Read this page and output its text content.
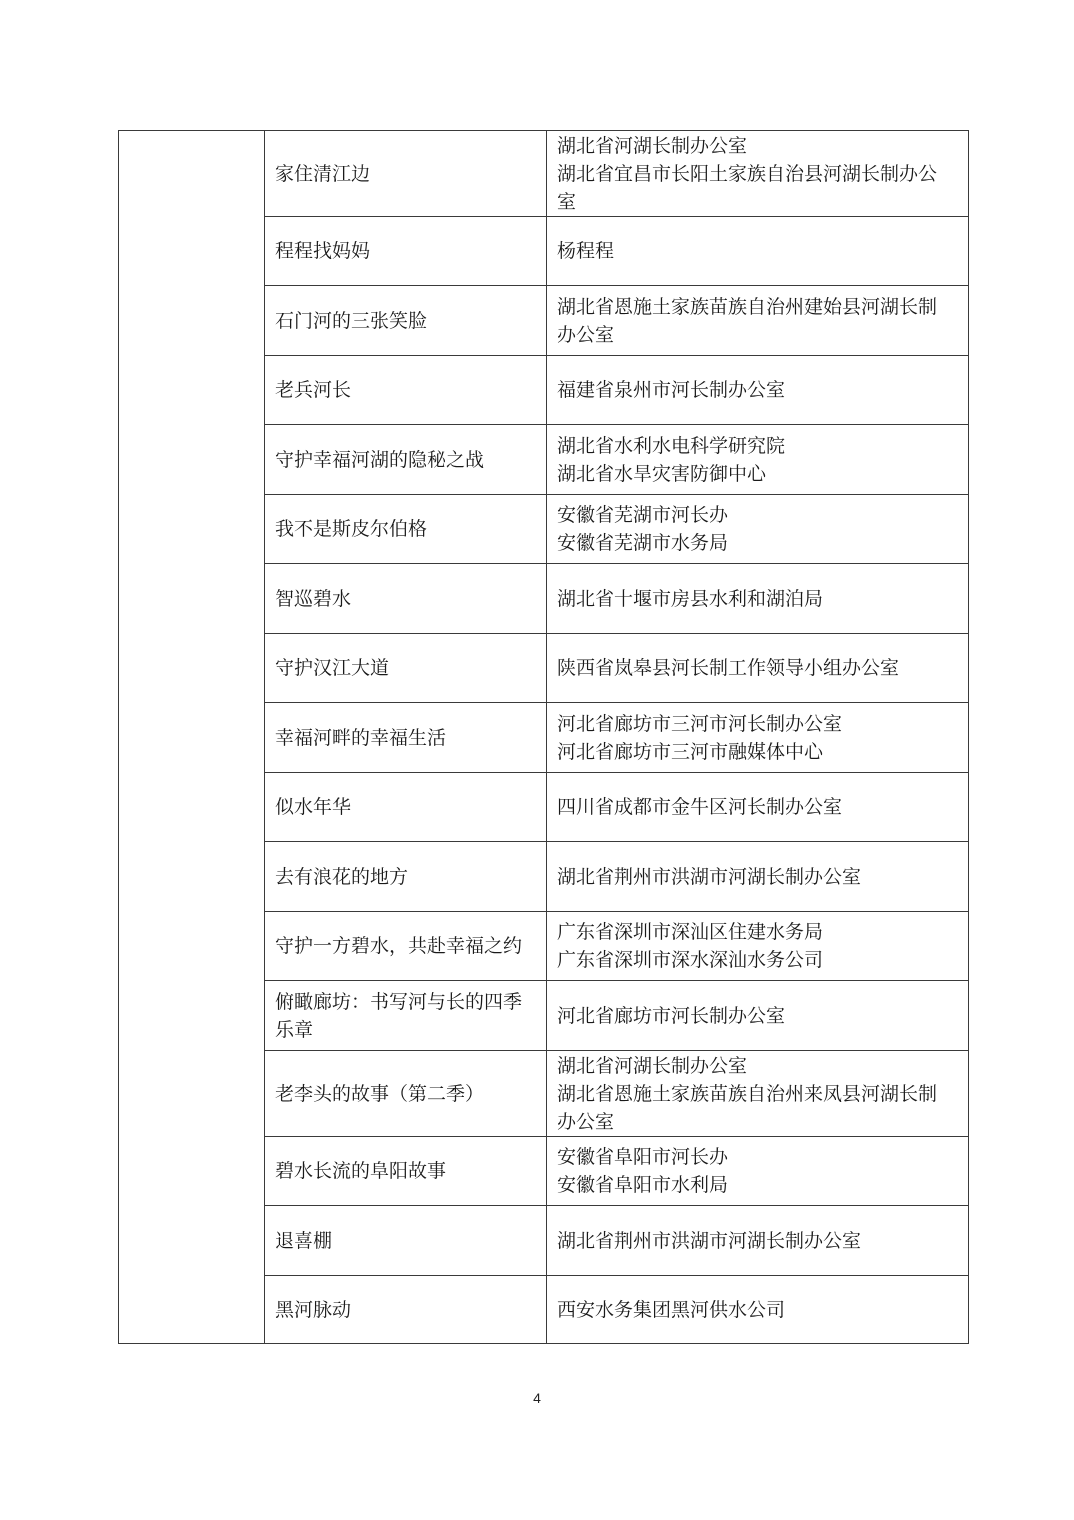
	家住清江边	湖北省河湖长制办公室
湖北省宜昌市长阳土家族自治县河湖长制办公
室

	程程找妈妈	杨程程

	石门河的三张笑脸	湖北省恩施土家族苗族自治州建始县河湖长制
办公室

	老兵河长	福建省泉州市河长制办公室

	守护幸福河湖的隐秘之战	湖北省水利水电科学研究院
湖北省水旱灾害防御中心

	我不是斯皮尔伯格	安徽省芜湖市河长办
安徽省芜湖市水务局

	智巡碧水	湖北省十堰市房县水利和湖泊局

	守护汉江大道	陕西省岚皋县河长制工作领导小组办公室

	幸福河畔的幸福生活	河北省廊坊市三河市河长制办公室
河北省廊坊市三河市融媒体中心

	似水年华	四川省成都市金牛区河长制办公室

	去有浪花的地方	湖北省荆州市洪湖市河湖长制办公室

	守护一方碧水，共赴幸福之约	广东省深圳市深汕区住建水务局
广东省深圳市深水深汕水务公司

	俯瞰廊坊：书写河与长的四季乐章	河北省廊坊市河长制办公室

	老李头的故事（第二季）	湖北省河湖长制办公室
湖北省恩施土家族苗族自治州来凤县河湖长制
办公室

	碧水长流的阜阳故事	安徽省阜阳市河长办
安徽省阜阳市水利局

	退喜棚	湖北省荆州市洪湖市河湖长制办公室

	黑河脉动	西安水务集团黑河供水公司
4
